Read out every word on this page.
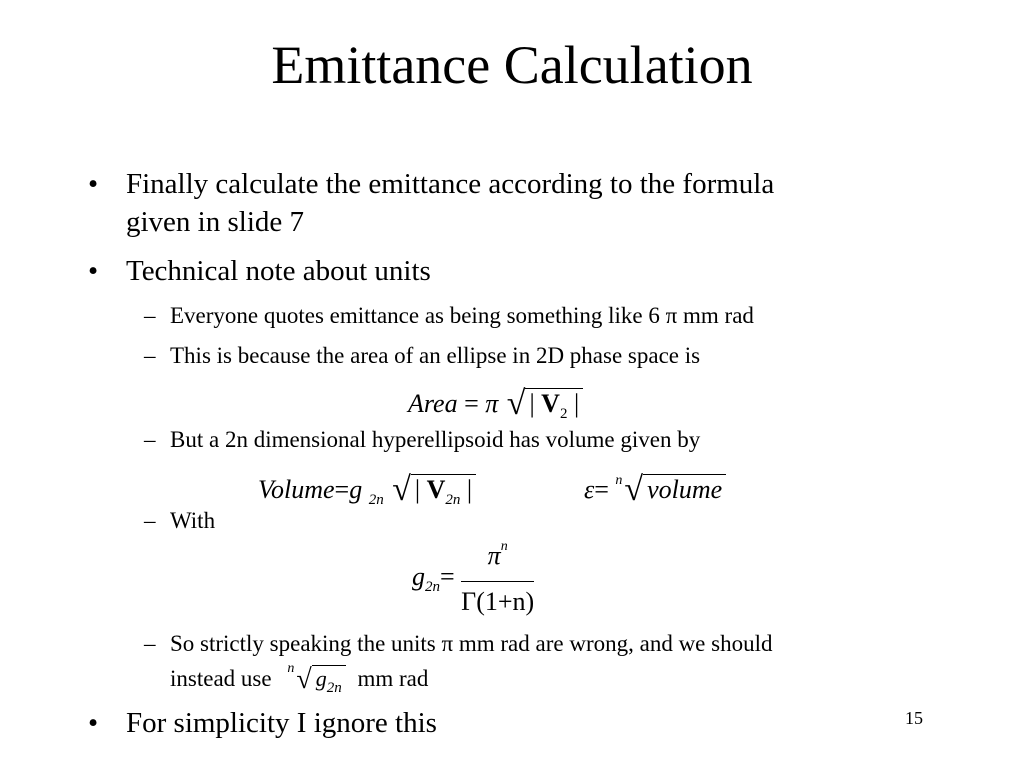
Emittance Calculation
• Finally calculate the emittance according to the formula
given in slide 7
• Technical note about units
– Everyone quotes emittance as being something like 6 π mm rad
– This is because the area of an ellipse in 2D phase space is
Area = π √ | $V_2$ |
– But a 2n dimensional hyperellipsoid has volume given by
Volume=g $_{2n}$ √ | $V_{2n}$ |	ε= $^n$√ volume
– With
$g_{2n}= \frac{\pi^n}{\Gamma(1+n)}$
– So strictly speaking the units π mm rad are wrong, and we should
instead use $^n$√ $g_{2n}$ mm rad
• For simplicity I ignore this	15
